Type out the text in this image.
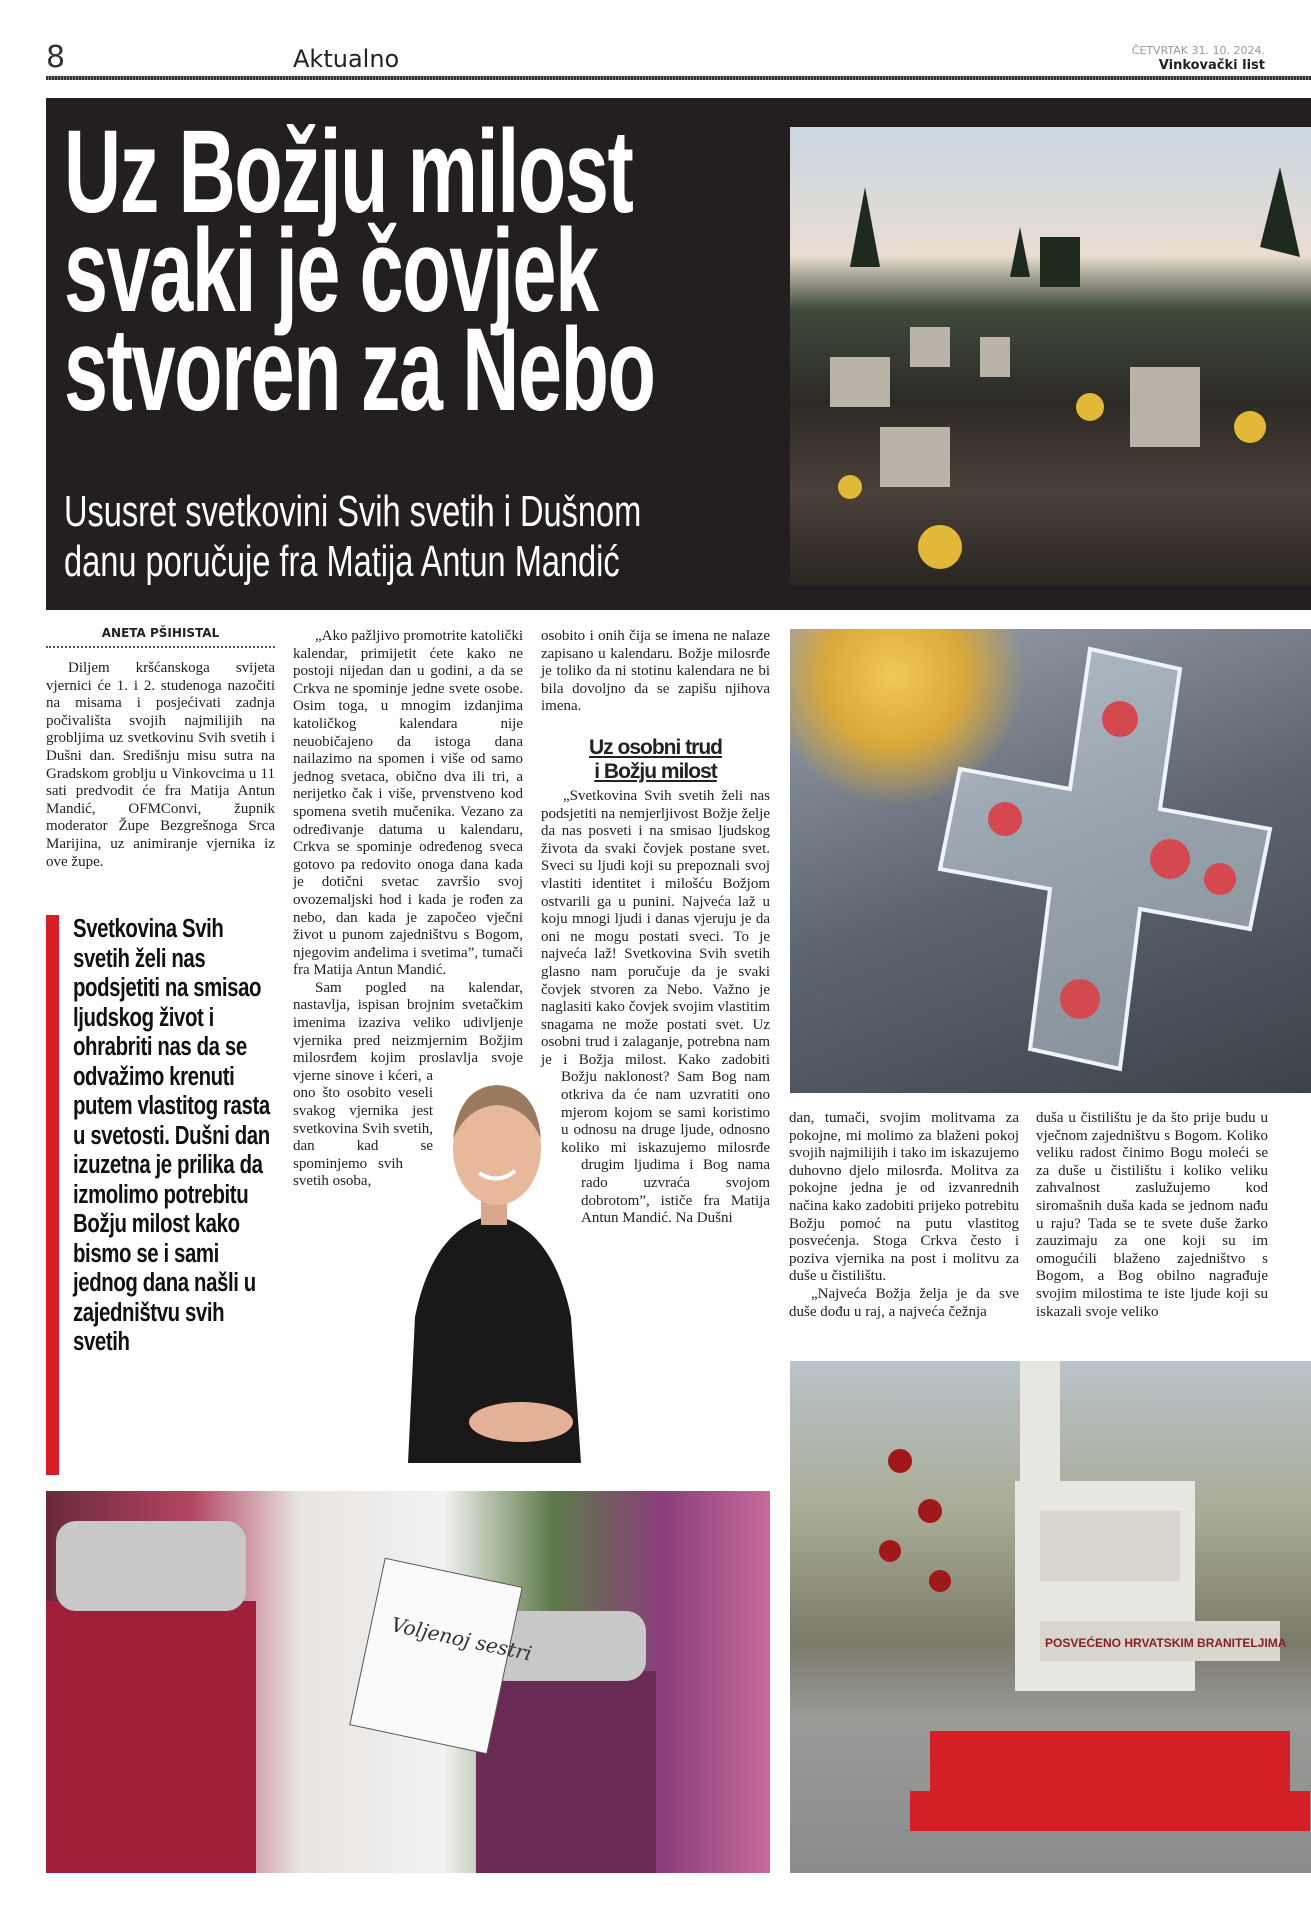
8	Aktualno	ČETVRTAK 31. 10. 2024.
Vinkovački list
Uz Božju milost
svaki je čovjek
stvoren za Nebo
Ususret svetkovini Svih svetih i Dušnom
danu poručuje fra Matija Antun Mandić
POSVEĆENO HRVATSKIM BRANITELJIMA
Voljenoj sestri
ANETA PŠIHISTAL

Diljem kršćanskoga svijeta vjernici će 1. i 2. studenoga nazočiti na misama i posjećivati zadnja počivališta svojih najmilijih na grobljima uz svetkovinu Svih svetih i Dušni dan. Središnju misu sutra na Gradskom groblju u Vinkovcima u 11 sati predvodit će fra Matija Antun Mandić, OFMConvi, župnik moderator Župe Bezgrešnoga Srca Marijina, uz animiranje vjernika iz ove župe.

Svetkovina Svih svetih želi nas podsjetiti na smisao ljudskog život i ohrabriti nas da se odvažimo krenuti putem vlastitog rasta u svetosti. Dušni dan izuzetna je prilika da izmolimo potrebitu Božju milost kako bismo se i sami jednog dana našli u zajedništvu svih svetih

„Ako pažljivo promotrite katolički kalendar, primijetit ćete kako ne postoji nijedan dan u godini, a da se Crkva ne spominje jedne svete osobe. Osim toga, u mnogim izdanjima katoličkog kalendara nije neuobičajeno da istoga dana nailazimo na spomen i više od samo jednog svetaca, obično dva ili tri, a nerijetko čak i više, prvenstveno kod spomena svetih mučenika. Vezano za određivanje datuma u kalendaru, Crkva se spominje određenog sveca gotovo pa redovito onoga dana kada je dotični svetac završio svoj ovozemaljski hod i kada je rođen za nebo, dan kada je započeo vječni život u punom zajedništvu s Bogom, njegovim anđelima i svetima”, tumači fra Matija Antun Mandić.

Sam pogled na kalendar, nastavlja, ispisan brojnim svetačkim imenima izaziva veliko udivljenje vjernika pred neizmjernim Božjim milosrđem kojim proslavlja svoje vjerne sinove i kćeri, a ono što osobito veseli svakog vjernika jest svetkovina Svih svetih, dan kad se spominjemo svih svetih osoba,

osobito i onih čija se imena ne nalaze zapisano u kalendaru. Božje milosrđe je toliko da ni stotinu kalendara ne bi bila dovoljno da se zapišu njihova imena.

Uz osobni trud
i Božju milost

„Svetkovina Svih svetih želi nas podsjetiti na nemjerljivost Božje želje da nas posveti i na smisao ljudskog života da svaki čovjek postane svet. Sveci su ljudi koji su prepoznali svoj vlastiti identitet i milošću Božjom ostvarili ga u punini. Najveća laž u koju mnogi ljudi i danas vjeruju je da oni ne mogu postati sveci. To je najveća laž! Svetkovina Svih svetih glasno nam poručuje da je svaki čovjek stvoren za Nebo. Važno je naglasiti kako čovjek svojim vlastitim snagama ne može postati svet. Uz osobni trud i zalaganje, potrebna nam je i Božja milost. Kako zadobiti Božju naklonost? Sam Bog nam otkriva da će nam uzvratiti ono mjerom kojom se sami koristimo u odnosu na druge ljude, odnosno koliko mi iskazujemo milosrđe drugim ljudima i Bog nama rado uzvraća svojom dobrotom”, ističe fra Matija Antun Mandić. Na Dušni

dan, tumači, svojim molitvama za pokojne, mi molimo za blaženi pokoj svojih najmilijih i tako im iskazujemo duhovno djelo milosrđa. Molitva za pokojne jedna je od izvanrednih načina kako zadobiti prijeko potrebitu Božju pomoć na putu vlastitog posvećenja. Stoga Crkva često i poziva vjernika na post i molitvu za duše u čistilištu.

„Najveća Božja želja je da sve duše dođu u raj, a najveća čežnja

duša u čistilištu je da što prije budu u vječnom zajedništvu s Bogom. Koliko veliku radost činimo Bogu moleći se za duše u čistilištu i koliko veliku zahvalnost zaslužujemo kod siromašnih duša kada se jednom nađu u raju? Tada se te svete duše žarko zauzimaju za one koji su im omogućili blaženo zajedništvo s Bogom, a Bog obilno nagrađuje svojim milostima te iste ljude koji su iskazali svoje veliko
